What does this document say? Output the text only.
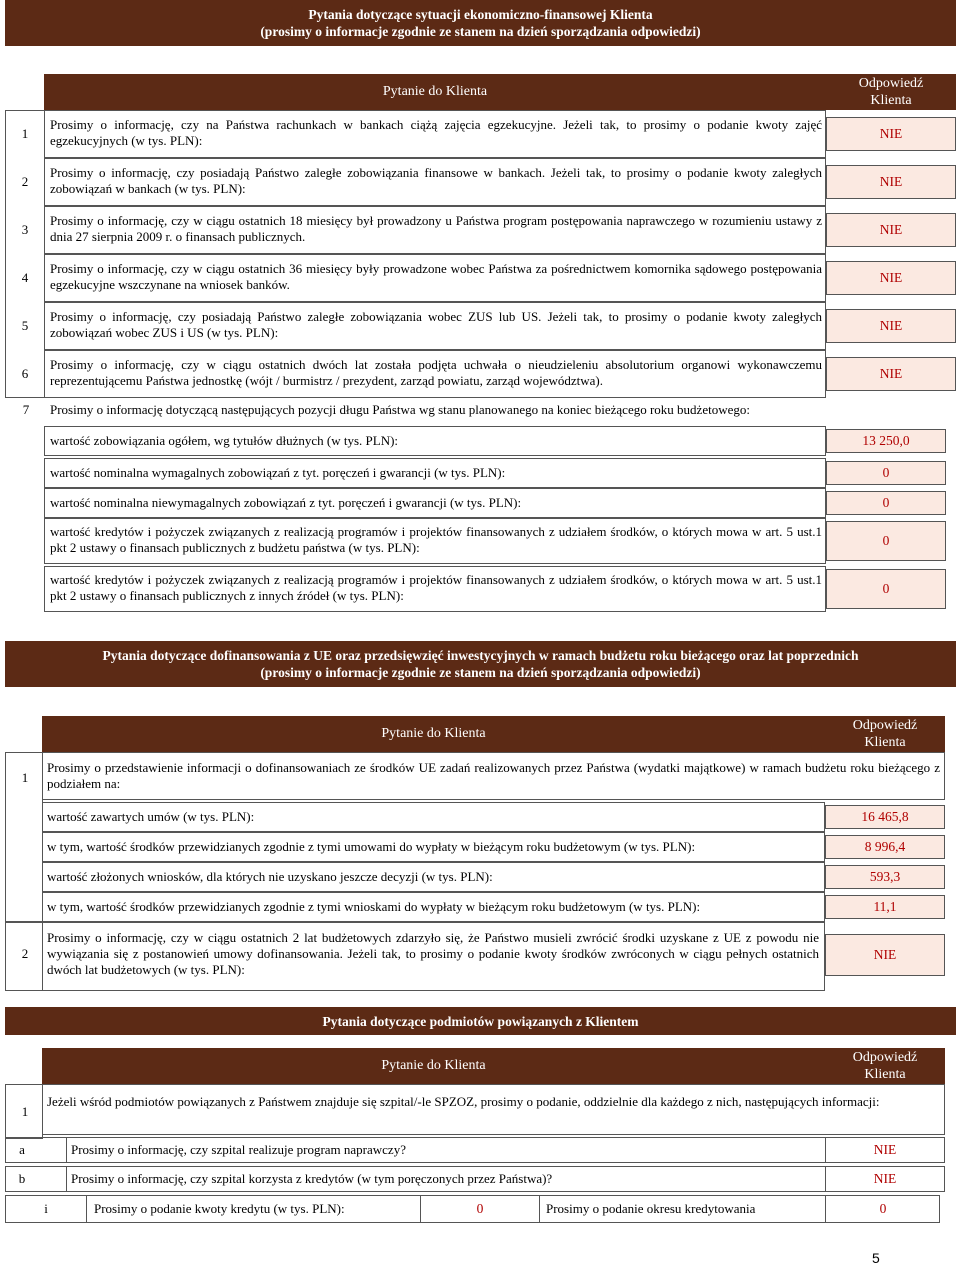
Pytania dotyczące sytuacji ekonomiczno-finansowej Klienta
(prosimy o informacje zgodnie ze stanem na dzień sporządzania odpowiedzi)
Pytanie do Klienta
Odpowiedź
Klienta
1
Prosimy o informację, czy na Państwa rachunkach w bankach ciążą zajęcia egzekucyjne. Jeżeli tak, to prosimy o podanie kwoty zajęć egzekucyjnych (w tys. PLN):	NIE
2
Prosimy o informację, czy posiadają Państwo zaległe zobowiązania finansowe w bankach. Jeżeli tak, to prosimy o podanie kwoty zaległych zobowiązań w bankach (w tys. PLN):	NIE
3
Prosimy o informację, czy w ciągu ostatnich 18 miesięcy był prowadzony u Państwa program postępowania naprawczego w rozumieniu ustawy z dnia 27 sierpnia 2009 r. o finansach publicznych.	NIE
4
Prosimy o informację, czy w ciągu ostatnich 36 miesięcy były prowadzone wobec Państwa za pośrednictwem komornika sądowego postępowania egzekucyjne wszczynane na wniosek banków.	NIE
5
Prosimy o informację, czy posiadają Państwo zaległe zobowiązania wobec ZUS lub US. Jeżeli tak, to prosimy o podanie kwoty zaległych zobowiązań wobec ZUS i US (w tys. PLN):	NIE
6
Prosimy o informację, czy w ciągu ostatnich dwóch lat została podjęta uchwała o nieudzieleniu absolutorium organowi wykonawczemu reprezentującemu Państwa jednostkę (wójt / burmistrz / prezydent, zarząd powiatu, zarząd województwa).	NIE
7	Prosimy o informację dotyczącą następujących pozycji długu Państwa wg stanu planowanego na koniec bieżącego roku budżetowego:
wartość zobowiązania ogółem, wg tytułów dłużnych (w tys. PLN):	13 250,0
wartość nominalna wymagalnych zobowiązań z tyt. poręczeń i gwarancji (w tys. PLN):	0
wartość nominalna niewymagalnych zobowiązań z tyt. poręczeń i gwarancji (w tys. PLN):	0
wartość kredytów i pożyczek związanych z realizacją programów i projektów finansowanych z udziałem środków, o których mowa w art. 5 ust.1 pkt 2 ustawy o finansach publicznych z budżetu państwa (w tys. PLN):	0
wartość kredytów i pożyczek związanych z realizacją programów i projektów finansowanych z udziałem środków, o których mowa w art. 5 ust.1 pkt 2 ustawy o finansach publicznych z innych źródeł (w tys. PLN):	0
Pytania dotyczące dofinansowania z UE oraz przedsięwzięć inwestycyjnych w ramach budżetu roku bieżącego oraz lat poprzednich
(prosimy o informacje zgodnie ze stanem na dzień sporządzania odpowiedzi)
Pytanie do Klienta
Odpowiedź
Klienta
1
Prosimy o przedstawienie informacji o dofinansowaniach ze środków UE zadań realizowanych przez Państwa (wydatki majątkowe) w ramach budżetu roku bieżącego z podziałem na:
wartość zawartych umów (w tys. PLN):	16 465,8
w tym, wartość środków przewidzianych zgodnie z tymi umowami do wypłaty w bieżącym roku budżetowym (w tys. PLN):	8 996,4
wartość złożonych wniosków, dla których nie uzyskano jeszcze decyzji (w tys. PLN):	593,3
w tym, wartość środków przewidzianych zgodnie z tymi wnioskami do wypłaty w bieżącym roku budżetowym (w tys. PLN):	11,1
2
Prosimy o informację, czy w ciągu ostatnich 2 lat budżetowych zdarzyło się, że Państwo musieli zwrócić środki uzyskane z UE z powodu nie wywiązania się z postanowień umowy dofinansowania. Jeżeli tak, to prosimy o podanie kwoty środków zwróconych w ciągu pełnych ostatnich dwóch lat budżetowych (w tys. PLN):
NIE
Pytania dotyczące podmiotów powiązanych z Klientem
Pytanie do Klienta
Odpowiedź
Klienta
1
Jeżeli wśród podmiotów powiązanych z Państwem znajduje się szpital/-le SPZOZ, prosimy o podanie, oddzielnie dla każdego z nich, następujących informacji:
a	Prosimy o informację, czy szpital realizuje program naprawczy?	NIE
b	Prosimy o informację, czy szpital korzysta z kredytów (w tym poręczonych przez Państwa)?	NIE
i	Prosimy o podanie kwoty kredytu (w tys. PLN):	0	Prosimy o podanie okresu kredytowania	0
5
